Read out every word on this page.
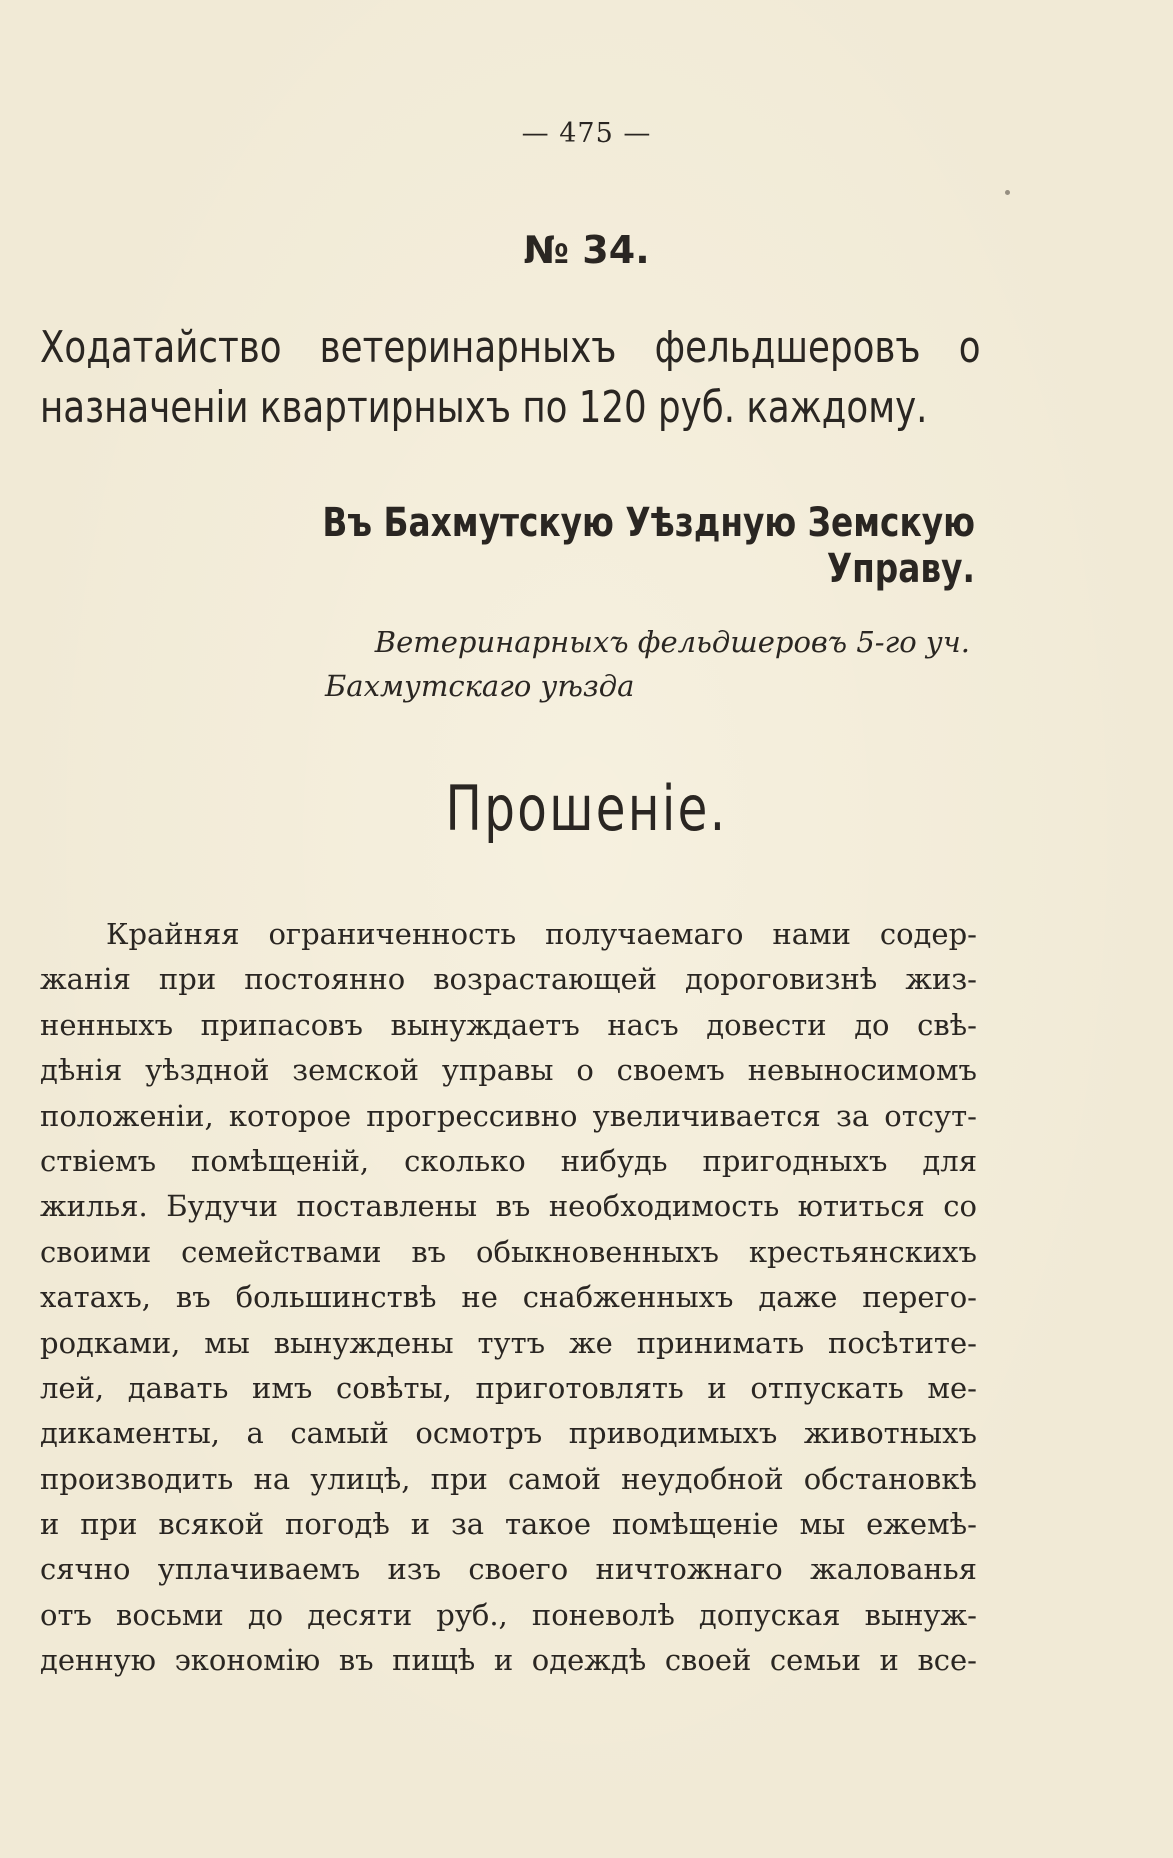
— 475 —
№ 34.
Ходатайство ветеринарныхъ фельдшеровъ о
назначеніи квартирныхъ по 120 руб. каждому.
Въ Бахмутскую Уѣздную Земскую Управу.
Ветеринарныхъ фельдшеровъ 5-го уч.
Бахмутскаго уѣзда
Прошеніе.
Крайняя ограниченность получаемаго нами содер-
жанія при постоянно возрастающей дороговизнѣ жиз-
ненныхъ припасовъ вынуждаетъ насъ довести до свѣ-
дѣнія уѣздной земской управы о своемъ невыносимомъ
положеніи, которое прогрессивно увеличивается за отсут-
ствіемъ помѣщеній, сколько нибудь пригодныхъ для
жилья. Будучи поставлены въ необходимость ютиться со
своими семействами въ обыкновенныхъ крестьянскихъ
хатахъ, въ большинствѣ не снабженныхъ даже перего-
родками, мы вынуждены тутъ же принимать посѣтите-
лей, давать имъ совѣты, приготовлять и отпускать ме-
дикаменты, а самый осмотръ приводимыхъ животныхъ
производить на улицѣ, при самой неудобной обстановкѣ
и при всякой погодѣ и за такое помѣщеніе мы ежемѣ-
сячно уплачиваемъ изъ своего ничтожнаго жалованья
отъ восьми до десяти руб., поневолѣ допуская вынуж-
денную экономію въ пищѣ и одеждѣ своей семьи и все-
